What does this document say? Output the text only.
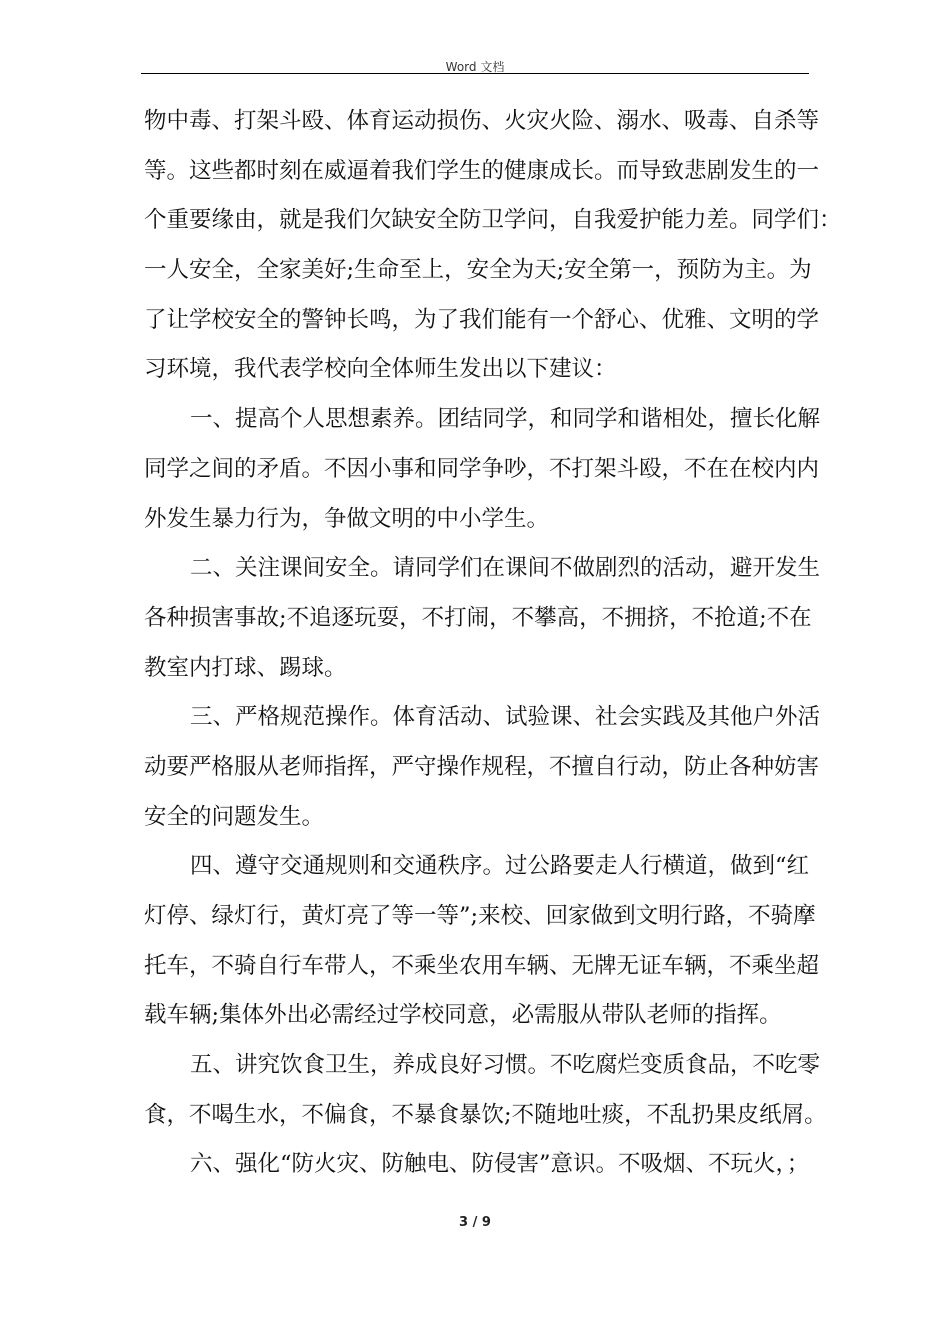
Word 文档
物中毒、打架斗殴、体育运动损伤、火灾火险、溺水、吸毒、自杀等
等。这些都时刻在威逼着我们学生的健康成长。而导致悲剧发生的一
个重要缘由，就是我们欠缺安全防卫学问，自我爱护能力差。同学们：
一人安全，全家美好;生命至上，安全为天;安全第一，预防为主。为
了让学校安全的警钟长鸣，为了我们能有一个舒心、优雅、文明的学
习环境，我代表学校向全体师生发出以下建议：
一、提高个人思想素养。团结同学，和同学和谐相处，擅长化解
同学之间的矛盾。不因小事和同学争吵，不打架斗殴，不在在校内内
外发生暴力行为，争做文明的中小学生。
二、关注课间安全。请同学们在课间不做剧烈的活动，避开发生
各种损害事故;不追逐玩耍，不打闹，不攀高，不拥挤，不抢道;不在
教室内打球、踢球。
三、严格规范操作。体育活动、试验课、社会实践及其他户外活
动要严格服从老师指挥，严守操作规程，不擅自行动，防止各种妨害
安全的问题发生。
四、遵守交通规则和交通秩序。过公路要走人行横道，做到“红
灯停、绿灯行，黄灯亮了等一等”;来校、回家做到文明行路，不骑摩
托车，不骑自行车带人，不乘坐农用车辆、无牌无证车辆，不乘坐超
载车辆;集体外出必需经过学校同意，必需服从带队老师的指挥。
五、讲究饮食卫生，养成良好习惯。不吃腐烂变质食品，不吃零
食，不喝生水，不偏食，不暴食暴饮;不随地吐痰，不乱扔果皮纸屑。
六、强化“防火灾、防触电、防侵害”意识。不吸烟、不玩火，；
3 / 9
